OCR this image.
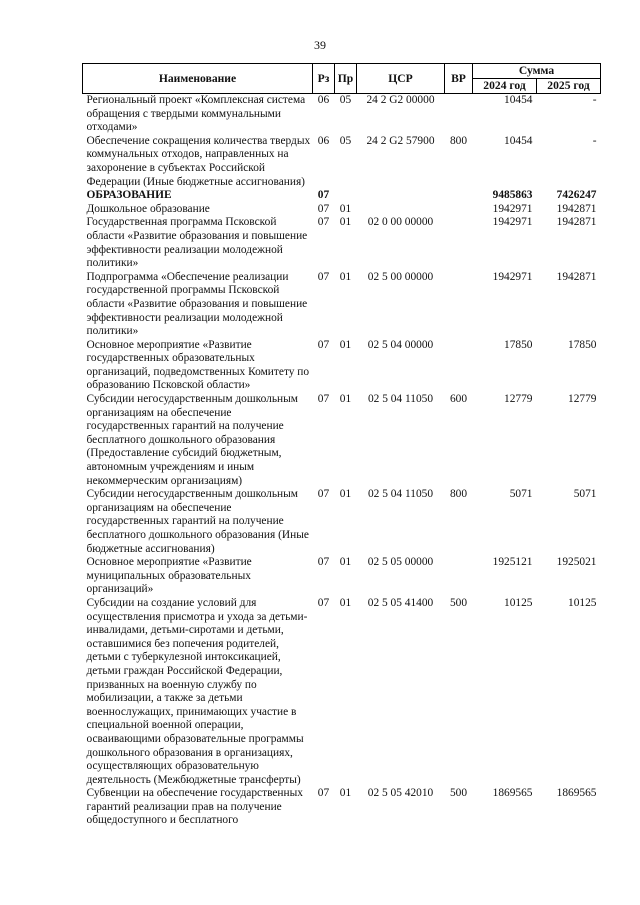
39
Наименование	Рз	Пр	ЦСР	ВР	Сумма	
					2024 год	2025 год
Региональный проект «Комплексная система обращения с твердыми коммунальными отходами»	06	05	24 2 G2 00000		10454	-
Обеспечение сокращения количества твердых коммунальных отходов, направленных на захоронение в субъектах Российской Федерации (Иные бюджетные ассигнования)	06	05	24 2 G2 57900	800	10454	-
ОБРАЗОВАНИЕ	07				9485863	7426247
Дошкольное образование	07	01			1942971	1942871
Государственная программа Псковской области «Развитие образования и повышение эффективности реализации молодежной политики»	07	01	02 0 00 00000		1942971	1942871
Подпрограмма «Обеспечение реализации государственной программы Псковской области «Развитие образования и повышение эффективности реализации молодежной политики»	07	01	02 5 00 00000		1942971	1942871
Основное мероприятие «Развитие государственных образовательных организаций, подведомственных Комитету по образованию Псковской области»	07	01	02 5 04 00000		17850	17850
Субсидии негосударственным дошкольным организациям на обеспечение государственных гарантий на получение бесплатного дошкольного образования (Предоставление субсидий бюджетным, автономным учреждениям и иным некоммерческим организациям)	07	01	02 5 04 11050	600	12779	12779
Субсидии негосударственным дошкольным организациям на обеспечение государственных гарантий на получение бесплатного дошкольного образования (Иные бюджетные ассигнования)	07	01	02 5 04 11050	800	5071	5071
Основное мероприятие «Развитие муниципальных образовательных организаций»	07	01	02 5 05 00000		1925121	1925021
Субсидии на создание условий для осуществления присмотра и ухода за детьми-инвалидами, детьми-сиротами и детьми, оставшимися без попечения родителей, детьми с туберкулезной интоксикацией, детьми граждан Российской Федерации, призванных на военную службу по мобилизации, а также за детьми военнослужащих, принимающих участие в специальной военной операции, осваивающими образовательные программы дошкольного образования в организациях, осуществляющих образовательную деятельность (Межбюджетные трансферты)	07	01	02 5 05 41400	500	10125	10125
Субвенции на обеспечение государственных гарантий реализации прав на получение общедоступного и бесплатного	07	01	02 5 05 42010	500	1869565	1869565
